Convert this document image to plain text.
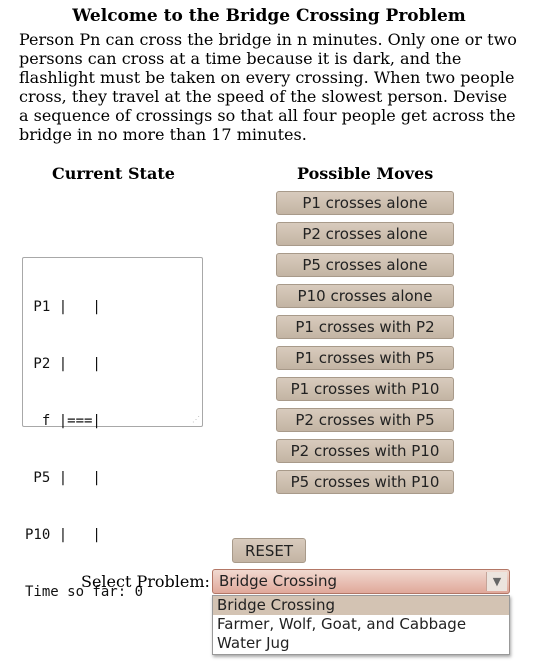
Welcome to the Bridge Crossing Problem
Person Pn can cross the bridge in n minutes. Only one or two persons can cross at a time because it is dark, and the flashlight must be taken on every crossing. When two people cross, they travel at the speed of the slowest person. Devise a sequence of crossings so that all four people get across the bridge in no more than 17 minutes.
Current State	Possible Moves

P1 |   |

P2 |   |

f |===|

P5 |   |

P10 |   |

Time so far: 0

⋰

P1 crosses alone
P2 crosses alone
P5 crosses alone
P10 crosses alone
P1 crosses with P2
P1 crosses with P5
P1 crosses with P10
P2 crosses with P5
P2 crosses with P10
P5 crosses with P10
RESET
Select Problem: Bridge Crossing	▼
Bridge Crossing
Farmer, Wolf, Goat, and Cabbage
Water Jug
